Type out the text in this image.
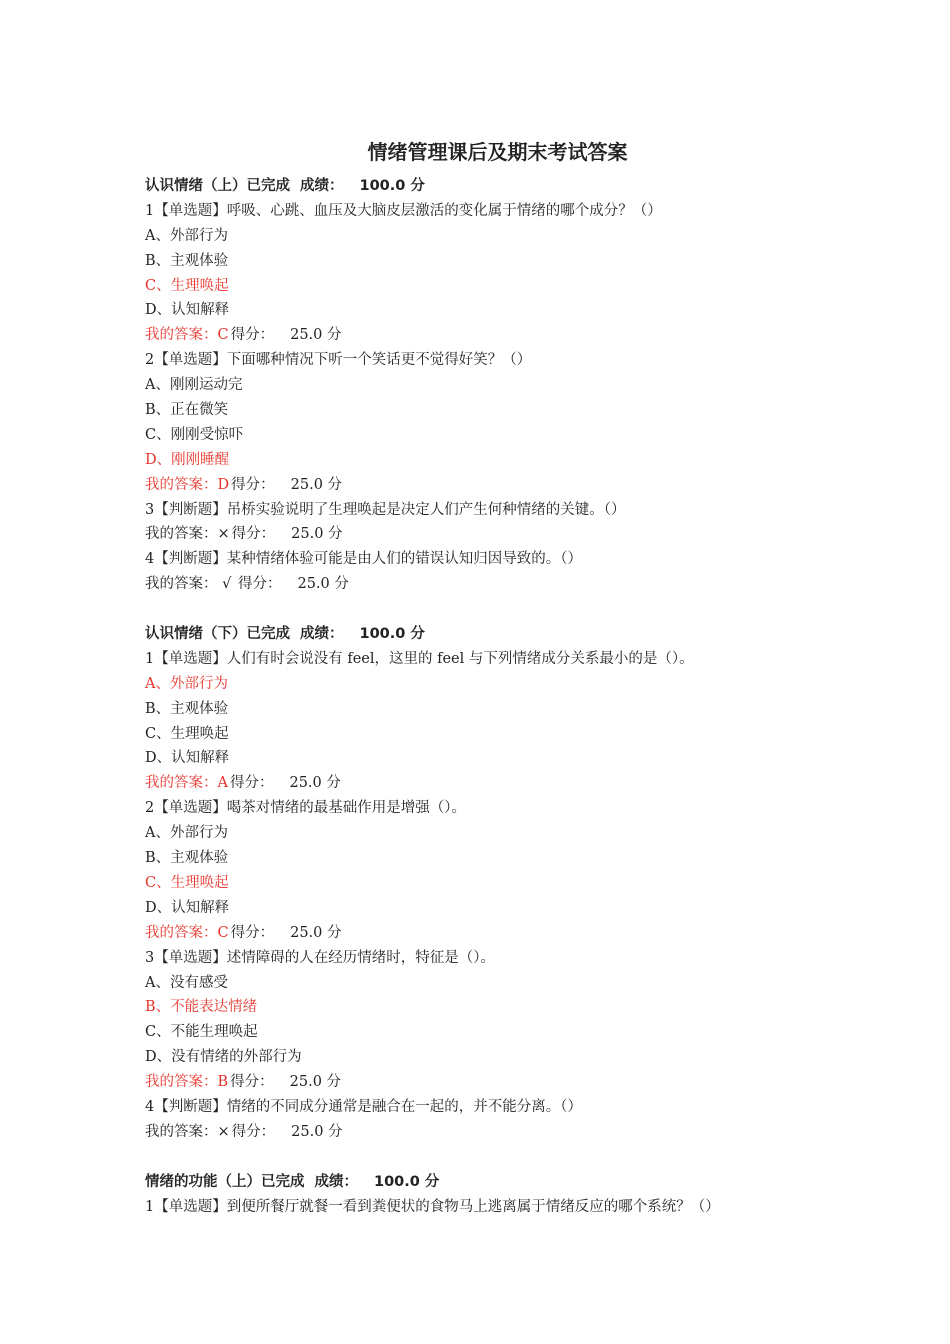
情绪管理课后及期末考试答案
认识情绪（上）已完成 成绩： 100.0 分
1【单选题】呼吸、心跳、血压及大脑皮层激活的变化属于情绪的哪个成分？（）
A、外部行为
B、主观体验
C、生理唤起
D、认知解释
我的答案：C 得分： 25.0 分
2【单选题】下面哪种情况下听一个笑话更不觉得好笑？（）
A、刚刚运动完
B、正在微笑
C、刚刚受惊吓
D、刚刚睡醒
我的答案：D 得分： 25.0 分
3【判断题】吊桥实验说明了生理唤起是决定人们产生何种情绪的关键。（）
我的答案：× 得分： 25.0 分
4【判断题】某种情绪体验可能是由人们的错误认知归因导致的。（）
我的答案： √ 得分： 25.0 分
认识情绪（下）已完成 成绩： 100.0 分
1【单选题】人们有时会说没有 feel，这里的 feel 与下列情绪成分关系最小的是（）。
A、外部行为
B、主观体验
C、生理唤起
D、认知解释
我的答案：A 得分： 25.0 分
2【单选题】喝茶对情绪的最基础作用是增强（）。
A、外部行为
B、主观体验
C、生理唤起
D、认知解释
我的答案：C 得分： 25.0 分
3【单选题】述情障碍的人在经历情绪时，特征是（）。
A、没有感受
B、不能表达情绪
C、不能生理唤起
D、没有情绪的外部行为
我的答案：B 得分： 25.0 分
4【判断题】情绪的不同成分通常是融合在一起的，并不能分离。（）
我的答案：× 得分： 25.0 分
情绪的功能（上）已完成 成绩： 100.0 分
1【单选题】到便所餐厅就餐一看到粪便状的食物马上逃离属于情绪反应的哪个系统？（）
